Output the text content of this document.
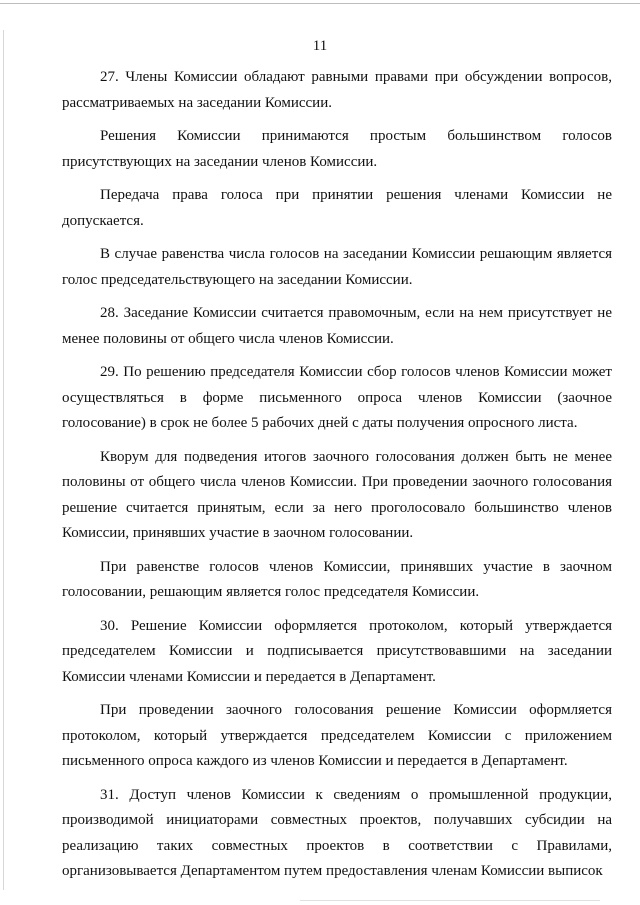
11

27. Члены Комиссии обладают равными правами при обсуждении вопросов, рассматриваемых на заседании Комиссии.

Решения Комиссии принимаются простым большинством голосов присутствующих на заседании членов Комиссии.

Передача права голоса при принятии решения членами Комиссии не допускается.

В случае равенства числа голосов на заседании Комиссии решающим является голос председательствующего на заседании Комиссии.

28. Заседание Комиссии считается правомочным, если на нем присутствует не менее половины от общего числа членов Комиссии.

29. По решению председателя Комиссии сбор голосов членов Комиссии может осуществляться в форме письменного опроса членов Комиссии (заочное голосование) в срок не более 5 рабочих дней с даты получения опросного листа.

Кворум для подведения итогов заочного голосования должен быть не менее половины от общего числа членов Комиссии. При проведении заочного голосования решение считается принятым, если за него проголосовало большинство членов Комиссии, принявших участие в заочном голосовании.

При равенстве голосов членов Комиссии, принявших участие в заочном голосовании, решающим является голос председателя Комиссии.

30. Решение Комиссии оформляется протоколом, который утверждается председателем Комиссии и подписывается присутствовавшими на заседании Комиссии членами Комиссии и передается в Департамент.

При проведении заочного голосования решение Комиссии оформляется протоколом, который утверждается председателем Комиссии с приложением письменного опроса каждого из членов Комиссии и передается в Департамент.

31. Доступ членов Комиссии к сведениям о промышленной продукции, производимой инициаторами совместных проектов, получавших субсидии на реализацию таких совместных проектов в соответствии с Правилами, организовывается Департаментом путем предоставления членам Комиссии выписок
